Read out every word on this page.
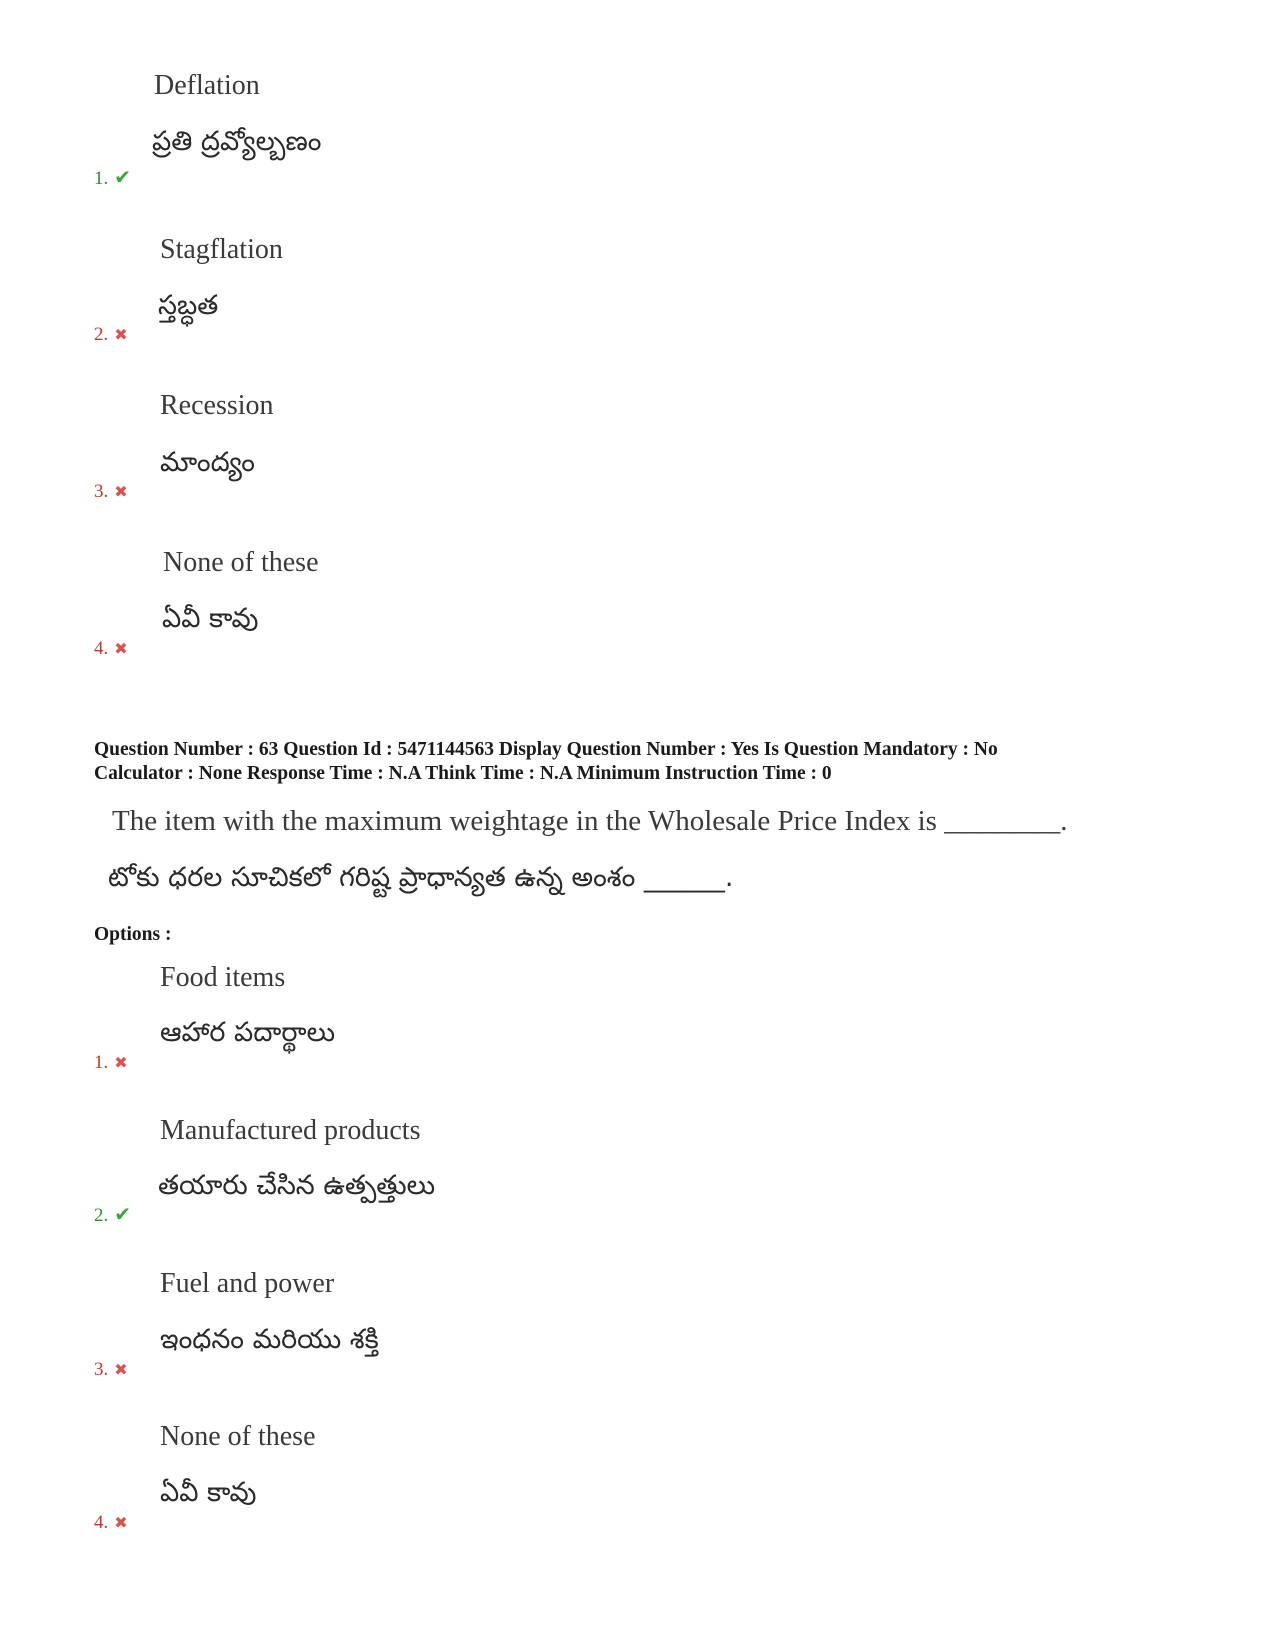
Deflation
ప్రతి ద్రవ్యోల్బణం
1. ✔
Stagflation
స్తబ్ధత
2. ✖
Recession
మాంద్యం
3. ✖
None of these
ఏవీ కావు
4. ✖
Question Number : 63 Question Id : 5471144563 Display Question Number : Yes Is Question Mandatory : No
Calculator : None Response Time : N.A Think Time : N.A Minimum Instruction Time : 0
The item with the maximum weightage in the Wholesale Price Index is ________.
టోకు ధరల సూచికలో గరిష్ట ప్రాధాన్యత ఉన్న అంశం ______.
Options :
Food items
ఆహార పదార్థాలు
1. ✖
Manufactured products
తయారు చేసిన ఉత్పత్తులు
2. ✔
Fuel and power
ఇంధనం మరియు శక్తి
3. ✖
None of these
ఏవీ కావు
4. ✖
